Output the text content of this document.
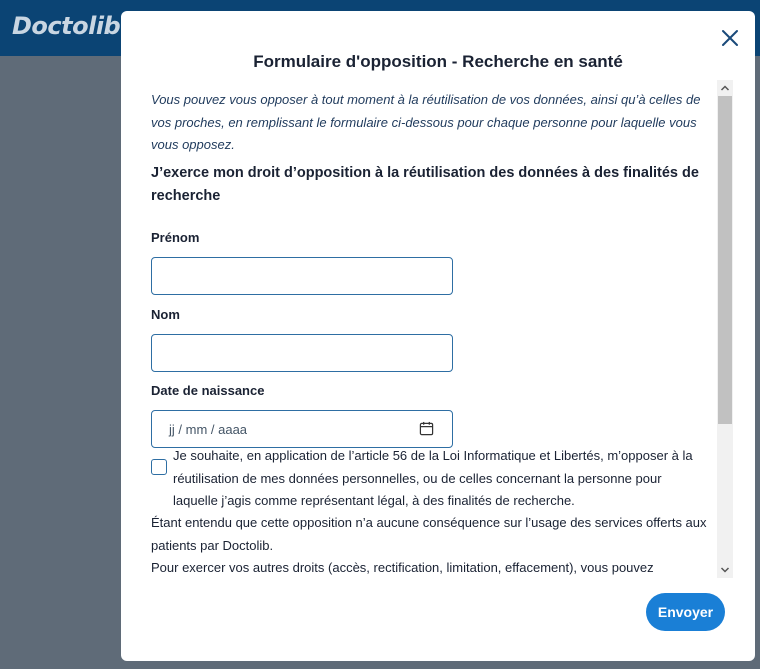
Doctolib
Formulaire d'opposition - Recherche en santé
Vous pouvez vous opposer à tout moment à la réutilisation de vos données, ainsi qu’à celles de vos proches, en remplissant le formulaire ci-dessous pour chaque personne pour laquelle vous vous opposez.
J’exerce mon droit d’opposition à la réutilisation des données à des finalités de recherche
Prénom
Nom
Date de naissance
jj / mm / aaaa
Je souhaite, en application de l’article 56 de la Loi Informatique et Libertés, m’opposer à la réutilisation de mes données personnelles, ou de celles concernant la personne pour laquelle j’agis comme représentant légal, à des finalités de recherche.
Étant entendu que cette opposition n’a aucune conséquence sur l’usage des services offerts aux patients par Doctolib.
Pour exercer vos autres droits (accès, rectification, limitation, effacement), vous pouvez
Envoyer
